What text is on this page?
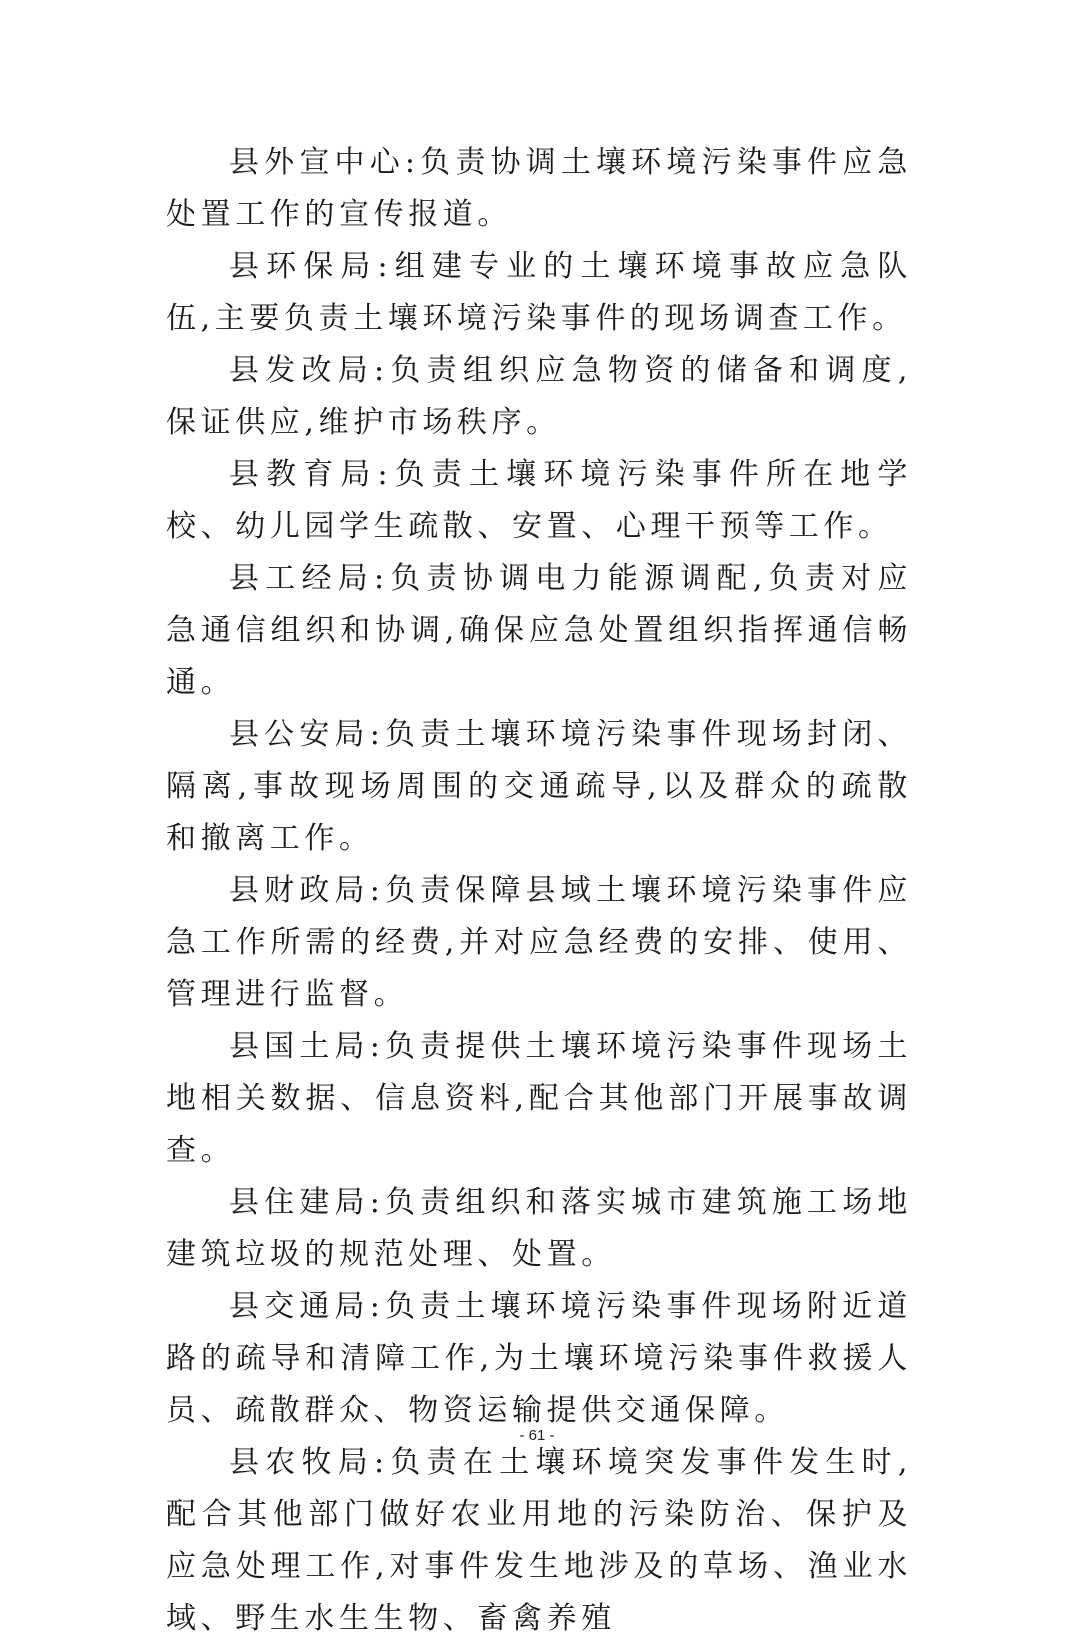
县外宣中心:负责协调土壤环境污染事件应急处置工作的宣传报道。

县环保局:组建专业的土壤环境事故应急队伍,主要负责土壤环境污染事件的现场调查工作。

县发改局:负责组织应急物资的储备和调度,保证供应,维护市场秩序。

县教育局:负责土壤环境污染事件所在地学校、幼儿园学生疏散、安置、心理干预等工作。

县工经局:负责协调电力能源调配,负责对应急通信组织和协调,确保应急处置组织指挥通信畅通。

县公安局:负责土壤环境污染事件现场封闭、隔离,事故现场周围的交通疏导,以及群众的疏散和撤离工作。

县财政局:负责保障县域土壤环境污染事件应急工作所需的经费,并对应急经费的安排、使用、管理进行监督。

县国土局:负责提供土壤环境污染事件现场土地相关数据、信息资料,配合其他部门开展事故调查。

县住建局:负责组织和落实城市建筑施工场地建筑垃圾的规范处理、处置。

县交通局:负责土壤环境污染事件现场附近道路的疏导和清障工作,为土壤环境污染事件救援人员、疏散群众、物资运输提供交通保障。

县农牧局:负责在土壤环境突发事件发生时,配合其他部门做好农业用地的污染防治、保护及应急处理工作,对事件发生地涉及的草场、渔业水域、野生水生生物、畜禽养殖

- 61 -
